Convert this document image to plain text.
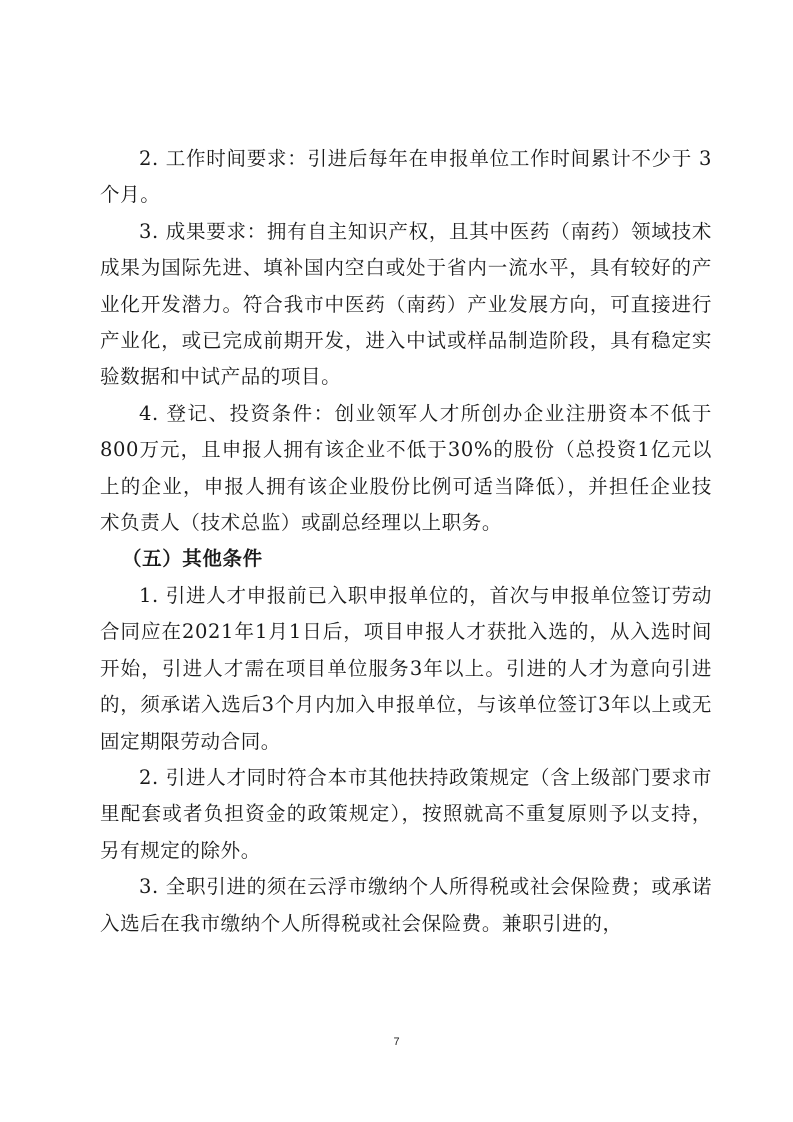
2. 工作时间要求：引进后每年在申报单位工作时间累计不少于 3 个月。

3. 成果要求：拥有自主知识产权，且其中医药（南药）领域技术成果为国际先进、填补国内空白或处于省内一流水平，具有较好的产业化开发潜力。符合我市中医药（南药）产业发展方向，可直接进行产业化，或已完成前期开发，进入中试或样品制造阶段，具有稳定实验数据和中试产品的项目。

4. 登记、投资条件：创业领军人才所创办企业注册资本不低于800万元，且申报人拥有该企业不低于30%的股份（总投资1亿元以上的企业，申报人拥有该企业股份比例可适当降低），并担任企业技术负责人（技术总监）或副总经理以上职务。

（五）其他条件

1. 引进人才申报前已入职申报单位的，首次与申报单位签订劳动合同应在2021年1月1日后，项目申报人才获批入选的，从入选时间开始，引进人才需在项目单位服务3年以上。引进的人才为意向引进的，须承诺入选后3个月内加入申报单位，与该单位签订3年以上或无固定期限劳动合同。

2. 引进人才同时符合本市其他扶持政策规定（含上级部门要求市里配套或者负担资金的政策规定），按照就高不重复原则予以支持，另有规定的除外。

3. 全职引进的须在云浮市缴纳个人所得税或社会保险费；或承诺入选后在我市缴纳个人所得税或社会保险费。兼职引进的，

7
